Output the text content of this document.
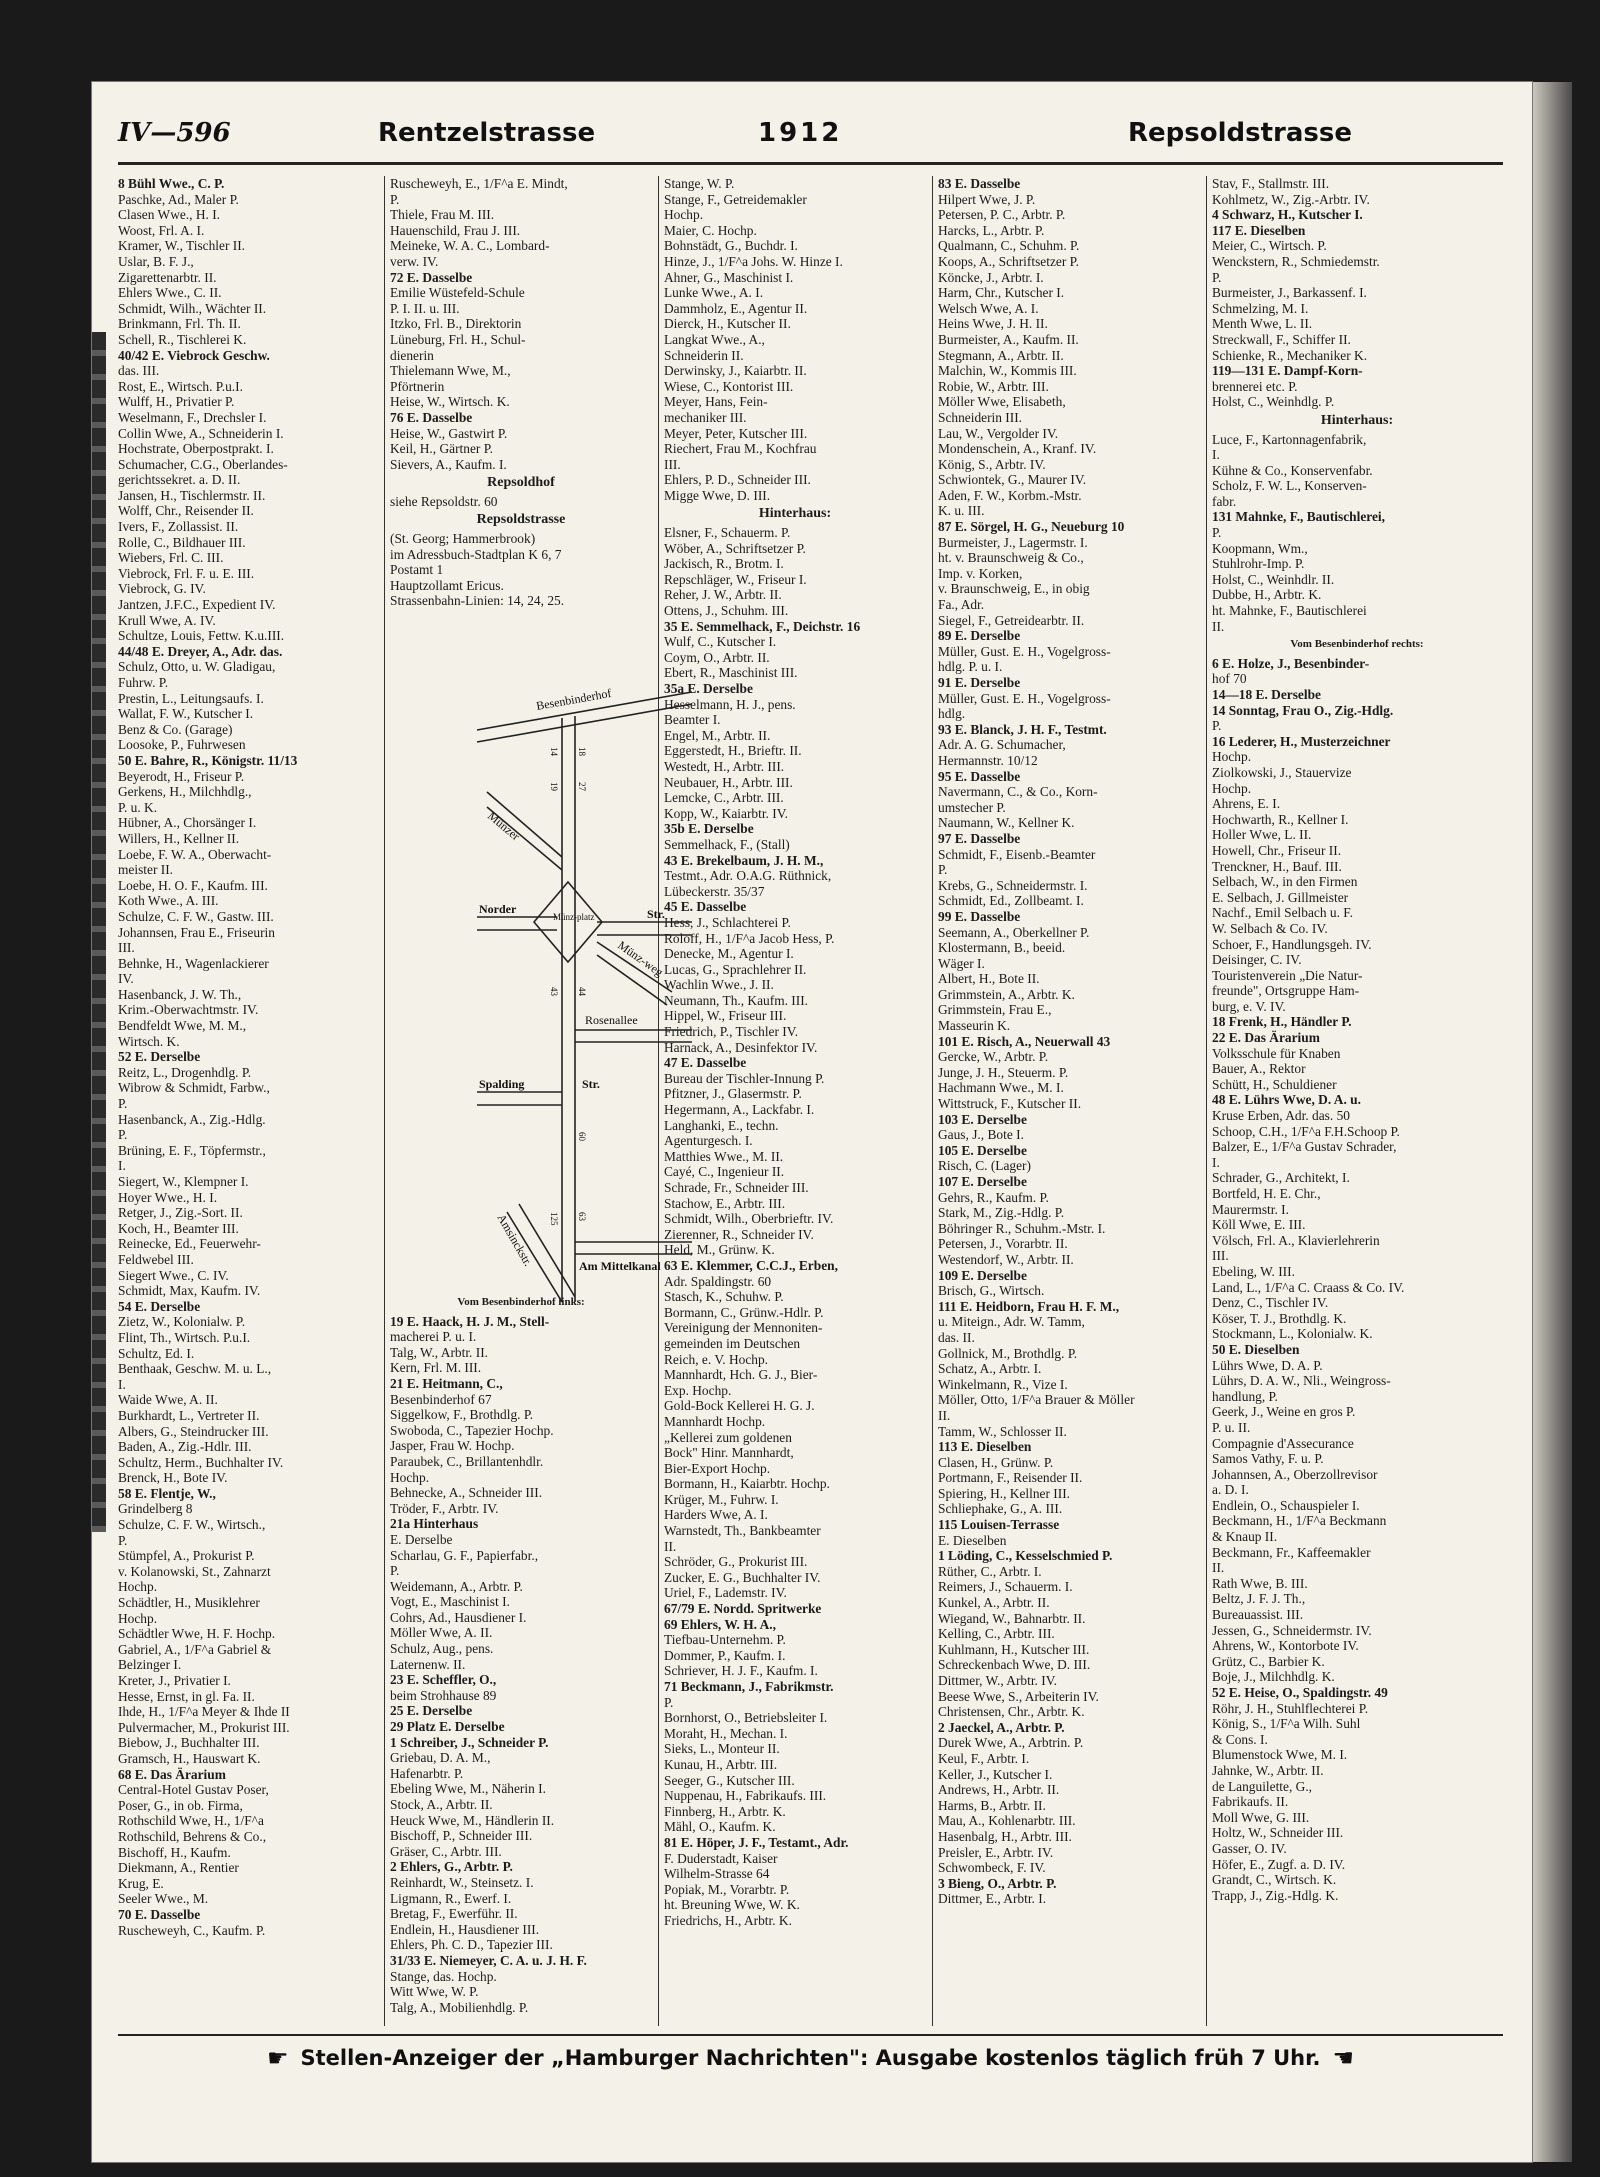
IV—596	Rentzelstrasse	1912	Repsoldstrasse
8 Bühl Wwe., C. P.
Paschke, Ad., Maler P.
Clasen Wwe., H. I.
Woost, Frl. A. I.
Kramer, W., Tischler II.
Uslar, B. F. J.,
Zigarettenarbtr. II.
Ehlers Wwe., C. II.
Schmidt, Wilh., Wächter II.
Brinkmann, Frl. Th. II.
Schell, R., Tischlerei K.
40/42 E. Viebrock Geschw.
das. III.
Rost, E., Wirtsch. P.u.I.
Wulff, H., Privatier P.
Weselmann, F., Drechsler I.
Collin Wwe, A., Schneiderin I.
Hochstrate, Oberpostprakt. I.
Schumacher, C.G., Oberlandes-
gerichtssekret. a. D. II.
Jansen, H., Tischlermstr. II.
Wolff, Chr., Reisender II.
Ivers, F., Zollassist. II.
Rolle, C., Bildhauer III.
Wiebers, Frl. C. III.
Viebrock, Frl. F. u. E. III.
Viebrock, G. IV.
Jantzen, J.F.C., Expedient IV.
Krull Wwe, A. IV.
Schultze, Louis, Fettw. K.u.III.
44/48 E. Dreyer, A., Adr. das.
Schulz, Otto, u. W. Gladigau,
Fuhrw. P.
Prestin, L., Leitungsaufs. I.
Wallat, F. W., Kutscher I.
Benz & Co. (Garage)
Loosoke, P., Fuhrwesen
50 E. Bahre, R., Königstr. 11/13
Beyerodt, H., Friseur P.
Gerkens, H., Milchhdlg.,
P. u. K.
Hübner, A., Chorsänger I.
Willers, H., Kellner II.
Loebe, F. W. A., Oberwacht-
meister II.
Loebe, H. O. F., Kaufm. III.
Koth Wwe., A. III.
Schulze, C. F. W., Gastw. III.
Johannsen, Frau E., Friseurin
III.
Behnke, H., Wagenlackierer
IV.
Hasenbanck, J. W. Th.,
Krim.-Oberwachtmstr. IV.
Bendfeldt Wwe, M. M.,
Wirtsch. K.
52 E. Derselbe
Reitz, L., Drogenhdlg. P.
Wibrow & Schmidt, Farbw.,
P.
Hasenbanck, A., Zig.-Hdlg.
P.
Brüning, E. F., Töpfermstr.,
I.
Siegert, W., Klempner I.
Hoyer Wwe., H. I.
Retger, J., Zig.-Sort. II.
Koch, H., Beamter III.
Reinecke, Ed., Feuerwehr-
Feldwebel III.
Siegert Wwe., C. IV.
Schmidt, Max, Kaufm. IV.
54 E. Derselbe
Zietz, W., Kolonialw. P.
Flint, Th., Wirtsch. P.u.I.
Schultz, Ed. I.
Benthaak, Geschw. M. u. L.,
I.
Waide Wwe, A. II.
Burkhardt, L., Vertreter II.
Albers, G., Steindrucker III.
Baden, A., Zig.-Hdlr. III.
Schultz, Herm., Buchhalter IV.
Brenck, H., Bote IV.
58 E. Flentje, W.,
Grindelberg 8
Schulze, C. F. W., Wirtsch.,
P.
Stümpfel, A., Prokurist P.
v. Kolanowski, St., Zahnarzt
Hochp.
Schädtler, H., Musiklehrer
Hochp.
Schädtler Wwe, H. F. Hochp.
Gabriel, A., 1/F^a Gabriel &
Belzinger I.
Kreter, J., Privatier I.
Hesse, Ernst, in gl. Fa. II.
Ihde, H., 1/F^a Meyer & Ihde II
Pulvermacher, M., Prokurist III.
Biebow, J., Buchhalter III.
Gramsch, H., Hauswart K.
68 E. Das Ärarium
Central-Hotel Gustav Poser,
Poser, G., in ob. Firma,
Rothschild Wwe, H., 1/F^a
Rothschild, Behrens & Co.,
Bischoff, H., Kaufm.
Diekmann, A., Rentier
Krug, E.
Seeler Wwe., M.
70 E. Dasselbe
Ruscheweyh, C., Kaufm. P.
Ruscheweyh, E., 1/F^a E. Mindt,
P.
Thiele, Frau M. III.
Hauenschild, Frau J. III.
Meineke, W. A. C., Lombard-
verw. IV.
72 E. Dasselbe
Emilie Wüstefeld-Schule
P. I. II. u. III.
Itzko, Frl. B., Direktorin
Lüneburg, Frl. H., Schul-
dienerin
Thielemann Wwe, M.,
Pförtnerin
Heise, W., Wirtsch. K.
76 E. Dasselbe
Heise, W., Gastwirt P.
Keil, H., Gärtner P.
Sievers, A., Kaufm. I.
Repsoldhof
siehe Repsoldstr. 60
Repsoldstrasse
(St. Georg; Hammerbrook)
im Adressbuch-Stadtplan K 6, 7
Postamt 1
Hauptzollamt Ericus.
Strassenbahn-Linien: 14, 24, 25.
Vom Besenbinderhof links:
19 E. Haack, H. J. M., Stell-
macherei P. u. I.
Talg, W., Arbtr. II.
Kern, Frl. M. III.
21 E. Heitmann, C.,
Besenbinderhof 67
Siggelkow, F., Brothdlg. P.
Swoboda, C., Tapezier Hochp.
Jasper, Frau W. Hochp.
Paraubek, C., Brillantenhdlr.
Hochp.
Behnecke, A., Schneider III.
Tröder, F., Arbtr. IV.
21a Hinterhaus
E. Derselbe
Scharlau, G. F., Papierfabr.,
P.
Weidemann, A., Arbtr. P.
Vogt, E., Maschinist I.
Cohrs, Ad., Hausdiener I.
Möller Wwe, A. II.
Schulz, Aug., pens.
Laternenw. II.
23 E. Scheffler, O.,
beim Strohhause 89
25 E. Derselbe
29 Platz E. Derselbe
1 Schreiber, J., Schneider P.
Griebau, D. A. M.,
Hafenarbtr. P.
Ebeling Wwe, M., Näherin I.
Stock, A., Arbtr. II.
Heuck Wwe, M., Händlerin II.
Bischoff, P., Schneider III.
Gräser, C., Arbtr. III.
2 Ehlers, G., Arbtr. P.
Reinhardt, W., Steinsetz. I.
Ligmann, R., Ewerf. I.
Bretag, F., Ewerführ. II.
Endlein, H., Hausdiener III.
Ehlers, Ph. C. D., Tapezier III.
31/33 E. Niemeyer, C. A. u. J. H. F.
Stange, das. Hochp.
Witt Wwe, W. P.
Talg, A., Mobilienhdlg. P.
Stange, W. P.
Stange, F., Getreidemakler
Hochp.
Maier, C. Hochp.
Bohnstädt, G., Buchdr. I.
Hinze, J., 1/F^a Johs. W. Hinze I.
Ahner, G., Maschinist I.
Lunke Wwe., A. I.
Dammholz, E., Agentur II.
Dierck, H., Kutscher II.
Langkat Wwe., A.,
Schneiderin II.
Derwinsky, J., Kaiarbtr. II.
Wiese, C., Kontorist III.
Meyer, Hans, Fein-
mechaniker III.
Meyer, Peter, Kutscher III.
Riechert, Frau M., Kochfrau
III.
Ehlers, P. D., Schneider III.
Migge Wwe, D. III.
Hinterhaus:
Elsner, F., Schauerm. P.
Wöber, A., Schriftsetzer P.
Jackisch, R., Brotm. I.
Repschläger, W., Friseur I.
Reher, J. W., Arbtr. II.
Ottens, J., Schuhm. III.
35 E. Semmelhack, F., Deichstr. 16
Wulf, C., Kutscher I.
Coym, O., Arbtr. II.
Ebert, R., Maschinist III.
35a E. Derselbe
Hesselmann, H. J., pens.
Beamter I.
Engel, M., Arbtr. II.
Eggerstedt, H., Brieftr. II.
Westedt, H., Arbtr. III.
Neubauer, H., Arbtr. III.
Lemcke, C., Arbtr. III.
Kopp, W., Kaiarbtr. IV.
35b E. Derselbe
Semmelhack, F., (Stall)
43 E. Brekelbaum, J. H. M.,
Testmt., Adr. O.A.G. Rüthnick,
Lübeckerstr. 35/37
45 E. Dasselbe
Hess, J., Schlachterei P.
Roloff, H., 1/F^a Jacob Hess, P.
Denecke, M., Agentur I.
Lucas, G., Sprachlehrer II.
Wachlin Wwe., J. II.
Neumann, Th., Kaufm. III.
Hippel, W., Friseur III.
Friedrich, P., Tischler IV.
Harnack, A., Desinfektor IV.
47 E. Dasselbe
Bureau der Tischler-Innung P.
Pfitzner, J., Glasermstr. P.
Hegermann, A., Lackfabr. I.
Langhanki, E., techn.
Agenturgesch. I.
Matthies Wwe., M. II.
Cayé, C., Ingenieur II.
Schrade, Fr., Schneider III.
Stachow, E., Arbtr. III.
Schmidt, Wilh., Oberbrieftr. IV.
Zierenner, R., Schneider IV.
Held, M., Grünw. K.
63 E. Klemmer, C.C.J., Erben,
Adr. Spaldingstr. 60
Stasch, K., Schuhw. P.
Bormann, C., Grünw.-Hdlr. P.
Vereinigung der Mennoniten-
gemeinden im Deutschen
Reich, e. V. Hochp.
Mannhardt, Hch. G. J., Bier-
Exp. Hochp.
Gold-Bock Kellerei H. G. J.
Mannhardt Hochp.
„Kellerei zum goldenen
Bock" Hinr. Mannhardt,
Bier-Export Hochp.
Bormann, H., Kaiarbtr. Hochp.
Krüger, M., Fuhrw. I.
Harders Wwe, A. I.
Warnstedt, Th., Bankbeamter
II.
Schröder, G., Prokurist III.
Zucker, E. G., Buchhalter IV.
Uriel, F., Lademstr. IV.
67/79 E. Nordd. Spritwerke
69 Ehlers, W. H. A.,
Tiefbau-Unternehm. P.
Dommer, P., Kaufm. I.
Schriever, H. J. F., Kaufm. I.
71 Beckmann, J., Fabrikmstr.
P.
Bornhorst, O., Betriebsleiter I.
Moraht, H., Mechan. I.
Sieks, L., Monteur II.
Kunau, H., Arbtr. III.
Seeger, G., Kutscher III.
Nuppenau, H., Fabrikaufs. III.
Finnberg, H., Arbtr. K.
Mähl, O., Kaufm. K.
81 E. Höper, J. F., Testamt., Adr.
F. Duderstadt, Kaiser
Wilhelm-Strasse 64
Popiak, M., Vorarbtr. P.
ht. Breuning Wwe, W. K.
Friedrichs, H., Arbtr. K.
83 E. Dasselbe
Hilpert Wwe, J. P.
Petersen, P. C., Arbtr. P.
Harcks, L., Arbtr. P.
Qualmann, C., Schuhm. P.
Koops, A., Schriftsetzer P.
Köncke, J., Arbtr. I.
Harm, Chr., Kutscher I.
Welsch Wwe, A. I.
Heins Wwe, J. H. II.
Burmeister, A., Kaufm. II.
Stegmann, A., Arbtr. II.
Malchin, W., Kommis III.
Robie, W., Arbtr. III.
Möller Wwe, Elisabeth,
Schneiderin III.
Lau, W., Vergolder IV.
Mondenschein, A., Kranf. IV.
König, S., Arbtr. IV.
Schwiontek, G., Maurer IV.
Aden, F. W., Korbm.-Mstr.
K. u. III.
87 E. Sörgel, H. G., Neueburg 10
Burmeister, J., Lagermstr. I.
ht. v. Braunschweig & Co.,
Imp. v. Korken,
v. Braunschweig, E., in obig
Fa., Adr.
Siegel, F., Getreidearbtr. II.
89 E. Derselbe
Müller, Gust. E. H., Vogelgross-
hdlg. P. u. I.
91 E. Derselbe
Müller, Gust. E. H., Vogelgross-
hdlg.
93 E. Blanck, J. H. F., Testmt.
Adr. A. G. Schumacher,
Hermannstr. 10/12
95 E. Dasselbe
Navermann, C., & Co., Korn-
umstecher P.
Naumann, W., Kellner K.
97 E. Dasselbe
Schmidt, F., Eisenb.-Beamter
P.
Krebs, G., Schneidermstr. I.
Schmidt, Ed., Zollbeamt. I.
99 E. Dasselbe
Seemann, A., Oberkellner P.
Klostermann, B., beeid.
Wäger I.
Albert, H., Bote II.
Grimmstein, A., Arbtr. K.
Grimmstein, Frau E.,
Masseurin K.
101 E. Risch, A., Neuerwall 43
Gercke, W., Arbtr. P.
Junge, J. H., Steuerm. P.
Hachmann Wwe., M. I.
Wittstruck, F., Kutscher II.
103 E. Derselbe
Gaus, J., Bote I.
105 E. Derselbe
Risch, C. (Lager)
107 E. Derselbe
Gehrs, R., Kaufm. P.
Stark, M., Zig.-Hdlg. P.
Böhringer R., Schuhm.-Mstr. I.
Petersen, J., Vorarbtr. II.
Westendorf, W., Arbtr. II.
109 E. Derselbe
Brisch, G., Wirtsch.
111 E. Heidborn, Frau H. F. M.,
u. Miteign., Adr. W. Tamm,
das. II.
Gollnick, M., Brothdlg. P.
Schatz, A., Arbtr. I.
Winkelmann, R., Vize I.
Möller, Otto, 1/F^a Brauer & Möller
II.
Tamm, W., Schlosser II.
113 E. Dieselben
Clasen, H., Grünw. P.
Portmann, F., Reisender II.
Spiering, H., Kellner III.
Schliephake, G., A. III.
115 Louisen-Terrasse
E. Dieselben
1 Löding, C., Kesselschmied P.
Rüther, C., Arbtr. I.
Reimers, J., Schauerm. I.
Kunkel, A., Arbtr. II.
Wiegand, W., Bahnarbtr. II.
Kelling, C., Arbtr. III.
Kuhlmann, H., Kutscher III.
Schreckenbach Wwe, D. III.
Dittmer, W., Arbtr. IV.
Beese Wwe, S., Arbeiterin IV.
Christensen, Chr., Arbtr. K.
2 Jaeckel, A., Arbtr. P.
Durek Wwe, A., Arbtrin. P.
Keul, F., Arbtr. I.
Keller, J., Kutscher I.
Andrews, H., Arbtr. II.
Harms, B., Arbtr. II.
Mau, A., Kohlenarbtr. III.
Hasenbalg, H., Arbtr. III.
Preisler, E., Arbtr. IV.
Schwombeck, F. IV.
3 Bieng, O., Arbtr. P.
Dittmer, E., Arbtr. I.
Stav, F., Stallmstr. III.
Kohlmetz, W., Zig.-Arbtr. IV.
4 Schwarz, H., Kutscher I.
117 E. Dieselben
Meier, C., Wirtsch. P.
Wenckstern, R., Schmiedemstr.
P.
Burmeister, J., Barkassenf. I.
Schmelzing, M. I.
Menth Wwe, L. II.
Streckwall, F., Schiffer II.
Schienke, R., Mechaniker K.
119—131 E. Dampf-Korn-
brennerei etc. P.
Holst, C., Weinhdlg. P.
Hinterhaus:
Luce, F., Kartonnagenfabrik,
I.
Kühne & Co., Konservenfabr.
Scholz, F. W. L., Konserven-
fabr.
131 Mahnke, F., Bautischlerei,
P.
Koopmann, Wm.,
Stuhlrohr-Imp. P.
Holst, C., Weinhdlr. II.
Dubbe, H., Arbtr. K.
ht. Mahnke, F., Bautischlerei
II.
Vom Besenbinderhof rechts:
6 E. Holze, J., Besenbinder-
hof 70
14—18 E. Derselbe
14 Sonntag, Frau O., Zig.-Hdlg.
P.
16 Lederer, H., Musterzeichner
Hochp.
Ziolkowski, J., Stauervize
Hochp.
Ahrens, E. I.
Hochwarth, R., Kellner I.
Holler Wwe, L. II.
Howell, Chr., Friseur II.
Trenckner, H., Bauf. III.
Selbach, W., in den Firmen
E. Selbach, J. Gillmeister
Nachf., Emil Selbach u. F.
W. Selbach & Co. IV.
Schoer, F., Handlungsgeh. IV.
Deisinger, C. IV.
Touristenverein „Die Natur-
freunde", Ortsgruppe Ham-
burg, e. V. IV.
18 Frenk, H., Händler P.
22 E. Das Ärarium
Volksschule für Knaben
Bauer, A., Rektor
Schütt, H., Schuldiener
48 E. Lührs Wwe, D. A. u.
Kruse Erben, Adr. das. 50
Schoop, C.H., 1/F^a F.H.Schoop P.
Balzer, E., 1/F^a Gustav Schrader,
I.
Schrader, G., Architekt, I.
Bortfeld, H. E. Chr.,
Maurermstr. I.
Köll Wwe, E. III.
Völsch, Frl. A., Klavierlehrerin
III.
Ebeling, W. III.
Land, L., 1/F^a C. Craass & Co. IV.
Denz, C., Tischler IV.
Köser, T. J., Brothdlg. K.
Stockmann, L., Kolonialw. K.
50 E. Dieselben
Lührs Wwe, D. A. P.
Lührs, D. A. W., Nli., Weingross-
handlung, P.
Geerk, J., Weine en gros P.
P. u. II.
Compagnie d'Assecurance
Samos Vathy, F. u. P.
Johannsen, A., Oberzollrevisor
a. D. I.
Endlein, O., Schauspieler I.
Beckmann, H., 1/F^a Beckmann
& Knaup II.
Beckmann, Fr., Kaffeemakler
II.
Rath Wwe, B. III.
Beltz, J. F. J. Th.,
Bureauassist. III.
Jessen, G., Schneidermstr. IV.
Ahrens, W., Kontorbote IV.
Grütz, C., Barbier K.
Boje, J., Milchhdlg. K.
52 E. Heise, O., Spaldingstr. 49
Röhr, J. H., Stuhlflechterei P.
König, S., 1/F^a Wilh. Suhl
& Cons. I.
Blumenstock Wwe, M. I.
Jahnke, W., Arbtr. II.
de Languilette, G.,
Fabrikaufs. II.
Moll Wwe, G. III.
Holtz, W., Schneider III.
Gasser, O. IV.
Höfer, E., Zugf. a. D. IV.
Grandt, C., Wirtsch. K.
Trapp, J., Zig.-Hdlg. K.
Besenbinderhof
Münzer
Norder
Münz-platz	Str.
Münz-weg
Rosenallee
Spalding	Str.
Am Mittelkanal
Amsinckstr.
14 18
19 27
43 44
60
125 63
☛ Stellen-Anzeiger der „Hamburger Nachrichten": Ausgabe kostenlos täglich früh 7 Uhr. ☚
